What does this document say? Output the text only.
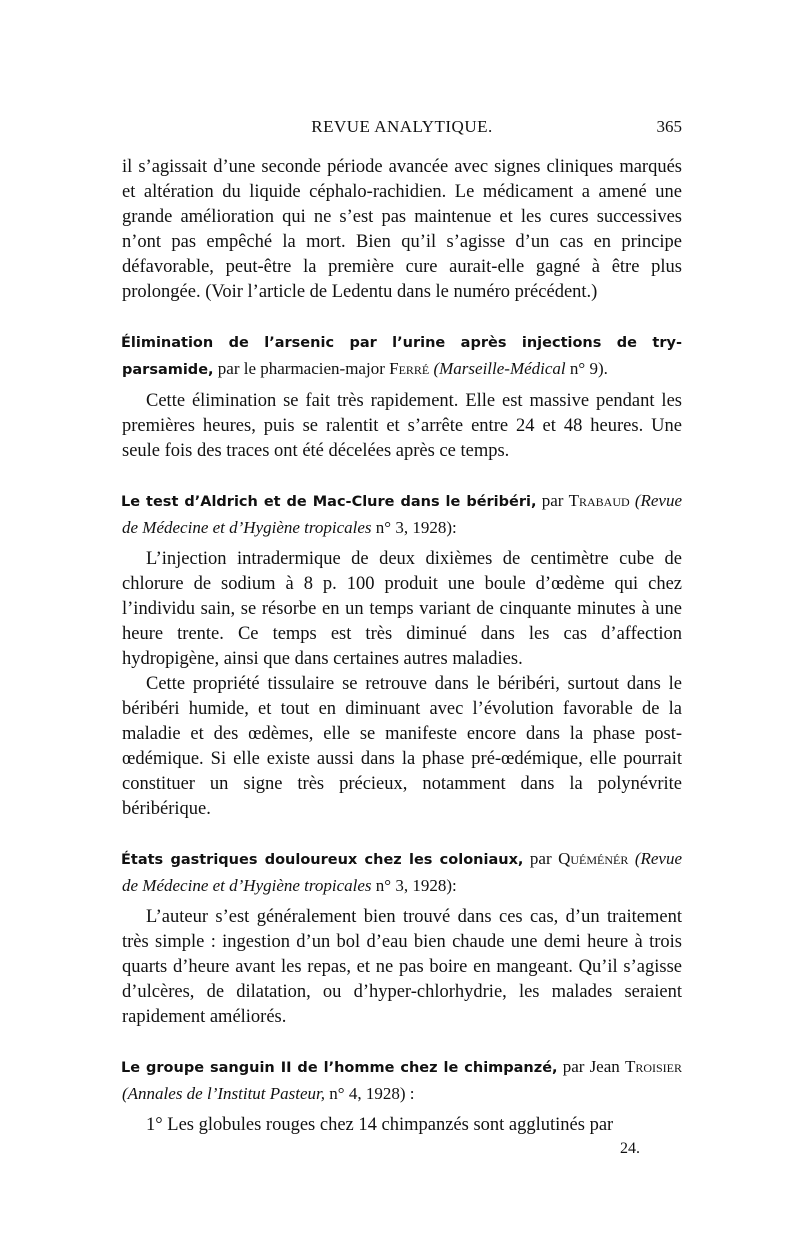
REVUE ANALYTIQUE.	365

il s’agissait d’une seconde période avancée avec signes cliniques marqués et altération du liquide céphalo-rachidien. Le médicament a amené une grande amélioration qui ne s’est pas maintenue et les cures successives n’ont pas empêché la mort. Bien qu’il s’agisse d’un cas en principe défavorable, peut-être la première cure aurait-elle gagné à être plus prolongée. (Voir l’article de Ledentu dans le numéro précédent.)

Élimination de l’arsenic par l’urine après injections de try-parsamide, par le pharmacien-major Ferré (Marseille-Médical n° 9).

Cette élimination se fait très rapidement. Elle est massive pendant les premières heures, puis se ralentit et s’arrête entre 24 et 48 heures. Une seule fois des traces ont été décelées après ce temps.

Le test d’Aldrich et de Mac-Clure dans le béribéri, par Trabaud (Revue de Médecine et d’Hygiène tropicales n° 3, 1928):

L’injection intradermique de deux dixièmes de centimètre cube de chlorure de sodium à 8 p. 100 produit une boule d’œdème qui chez l’individu sain, se résorbe en un temps variant de cinquante minutes à une heure trente. Ce temps est très diminué dans les cas d’affection hydropigène, ainsi que dans certaines autres maladies.

Cette propriété tissulaire se retrouve dans le béribéri, surtout dans le béribéri humide, et tout en diminuant avec l’évolution favorable de la maladie et des œdèmes, elle se manifeste encore dans la phase post-œdémique. Si elle existe aussi dans la phase pré-œdémique, elle pourrait constituer un signe très précieux, notamment dans la polynévrite béribérique.

États gastriques douloureux chez les coloniaux, par Quéménér (Revue de Médecine et d’Hygiène tropicales n° 3, 1928):

L’auteur s’est généralement bien trouvé dans ces cas, d’un traitement très simple : ingestion d’un bol d’eau bien chaude une demi heure à trois quarts d’heure avant les repas, et ne pas boire en mangeant. Qu’il s’agisse d’ulcères, de dilatation, ou d’hyper-chlorhydrie, les malades seraient rapidement améliorés.

Le groupe sanguin II de l’homme chez le chimpanzé, par Jean Troisier (Annales de l’Institut Pasteur, n° 4, 1928) :

1° Les globules rouges chez 14 chimpanzés sont agglutinés par

24.
